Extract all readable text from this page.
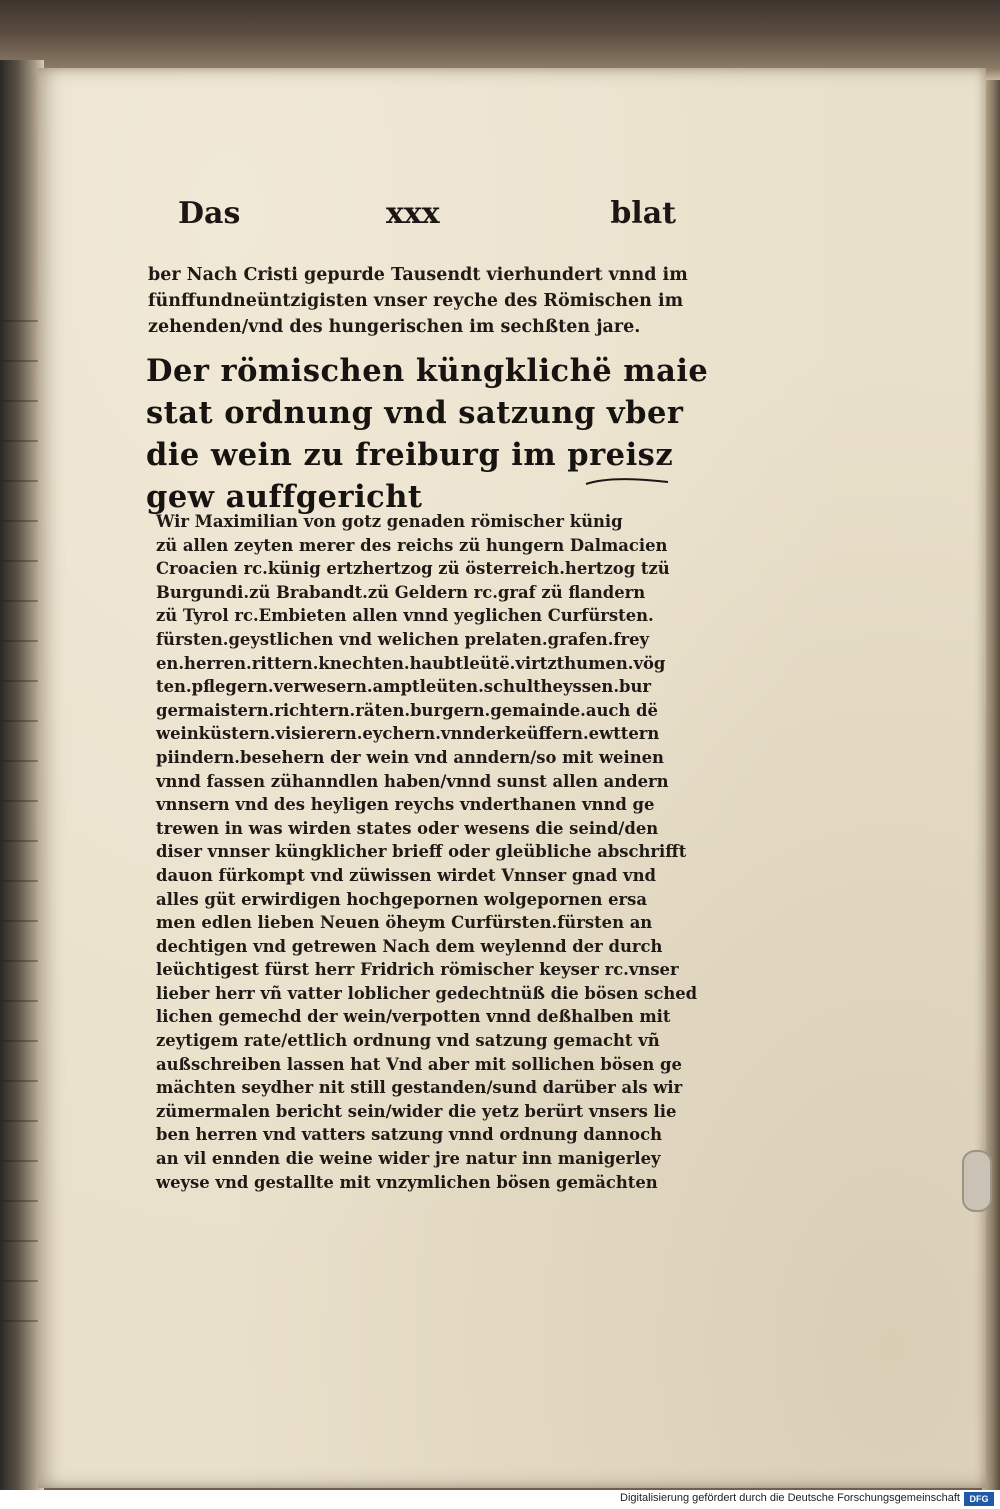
Das	xxx	blat
ber Nach Cristi gepurde Tausendt vierhundert vnnd im
fünffundneüntzigisten vnser reyche des Römischen im
zehenden/vnd des hungerischen im sechßten jare.
Der römischen küngklichë maie
stat ordnung vnd satzung vber
die wein zu freiburg im preisz
gew auffgericht
Wir Maximilian von gotz genaden römischer künig
zü allen zeyten merer des reichs zü hungern Dalmacien
Croacien rc.künig ertzhertzog zü österreich.hertzog tzü
Burgundi.zü Brabandt.zü Geldern rc.graf zü flandern
zü Tyrol rc.Embieten allen vnnd yeglichen Curfürsten.
fürsten.geystlichen vnd welichen prelaten.grafen.frey
en.herren.rittern.knechten.haubtleütë.virtzthumen.vög
ten.pflegern.verwesern.amptleüten.schultheyssen.bur
germaistern.richtern.räten.burgern.gemainde.auch dë
weinküstern.visierern.eychern.vnnderkeüffern.ewttern
piindern.besehern der wein vnd anndern/so mit weinen
vnnd fassen zühanndlen haben/vnnd sunst allen andern
vnnsern vnd des heyligen reychs vnderthanen vnnd ge
trewen in was wirden states oder wesens die seind/den
diser vnnser küngklicher brieff oder gleübliche abschrifft
dauon fürkompt vnd züwissen wirdet Vnnser gnad vnd
alles güt erwirdigen hochgepornen wolgepornen ersa
men edlen lieben Neuen öheym Curfürsten.fürsten an
dechtigen vnd getrewen Nach dem weylennd der durch
leüchtigest fürst herr Fridrich römischer keyser rc.vnser
lieber herr vñ vatter loblicher gedechtnüß die bösen sched
lichen gemechd der wein/verpotten vnnd deßhalben mit
zeytigem rate/ettlich ordnung vnd satzung gemacht vñ
außschreiben lassen hat Vnd aber mit sollichen bösen ge
mächten seydher nit still gestanden/sund darüber als wir
zümermalen bericht sein/wider die yetz berürt vnsers lie
ben herren vnd vatters satzung vnnd ordnung dannoch
an vil ennden die weine wider jre natur inn manigerley
weyse vnd gestallte mit vnzymlichen bösen gemächten
Digitalisierung gefördert durch die Deutsche Forschungsgemeinschaft	DFG
